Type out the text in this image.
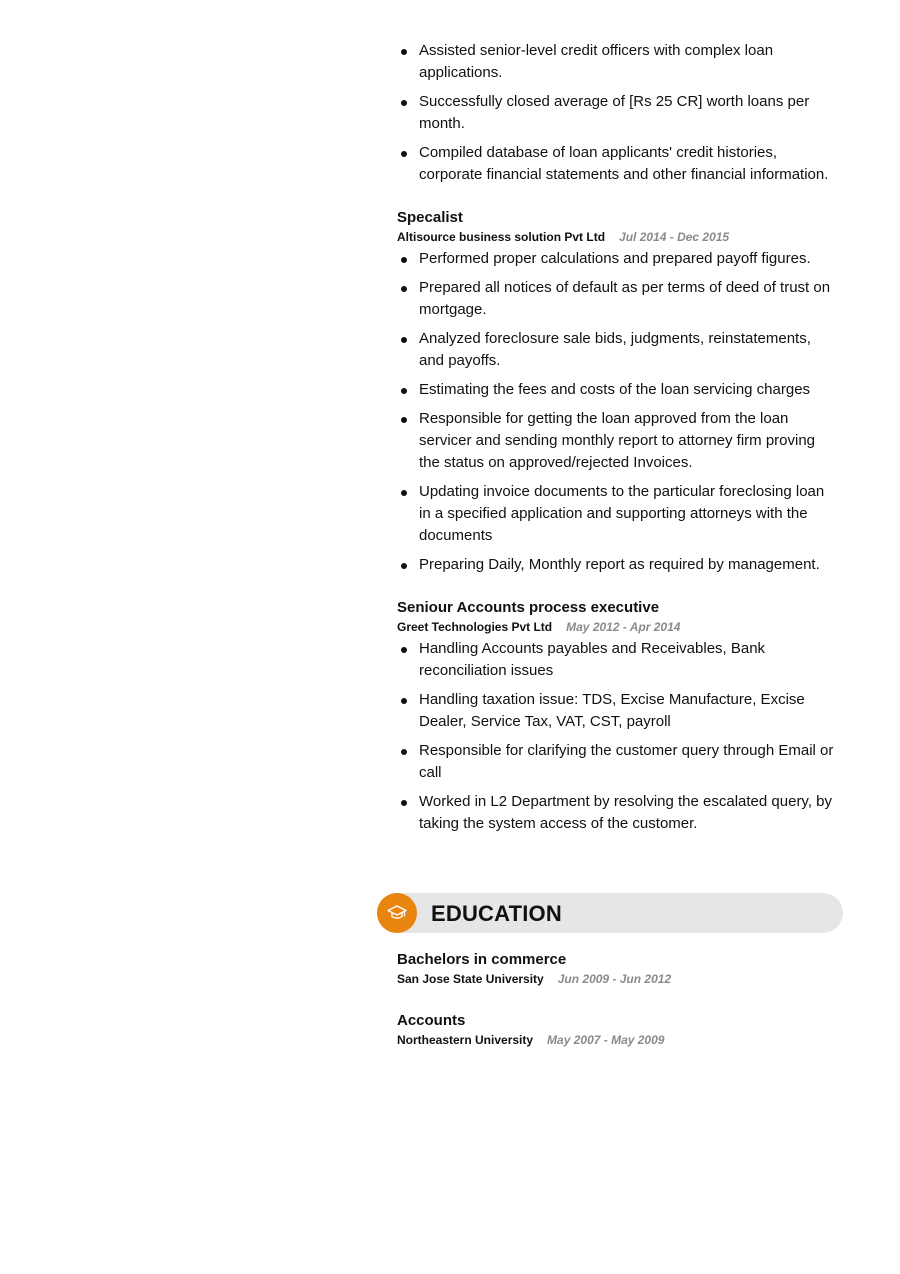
Assisted senior-level credit officers with complex loan applications.
Successfully closed average of [Rs 25 CR] worth loans per month.
Compiled database of loan applicants' credit histories, corporate financial statements and other financial information.
Specalist
Altisource business solution Pvt Ltd Jul 2014 - Dec 2015
Performed proper calculations and prepared payoff figures.
Prepared all notices of default as per terms of deed of trust on mortgage.
Analyzed foreclosure sale bids, judgments, reinstatements, and payoffs.
Estimating the fees and costs of the loan servicing charges
Responsible for getting the loan approved from the loan servicer and sending monthly report to attorney firm proving the status on approved/rejected Invoices.
Updating invoice documents to the particular foreclosing loan in a specified application and supporting attorneys with the documents
Preparing Daily, Monthly report as required by management.
Seniour Accounts process executive
Greet Technologies Pvt Ltd May 2012 - Apr 2014
Handling Accounts payables and Receivables, Bank reconciliation issues
Handling taxation issue: TDS, Excise Manufacture, Excise Dealer, Service Tax, VAT, CST, payroll
Responsible for clarifying the customer query through Email or call
Worked in L2 Department by resolving the escalated query, by taking the system access of the customer.
EDUCATION
Bachelors in commerce
San Jose State University Jun 2009 - Jun 2012
Accounts
Northeastern University May 2007 - May 2009
